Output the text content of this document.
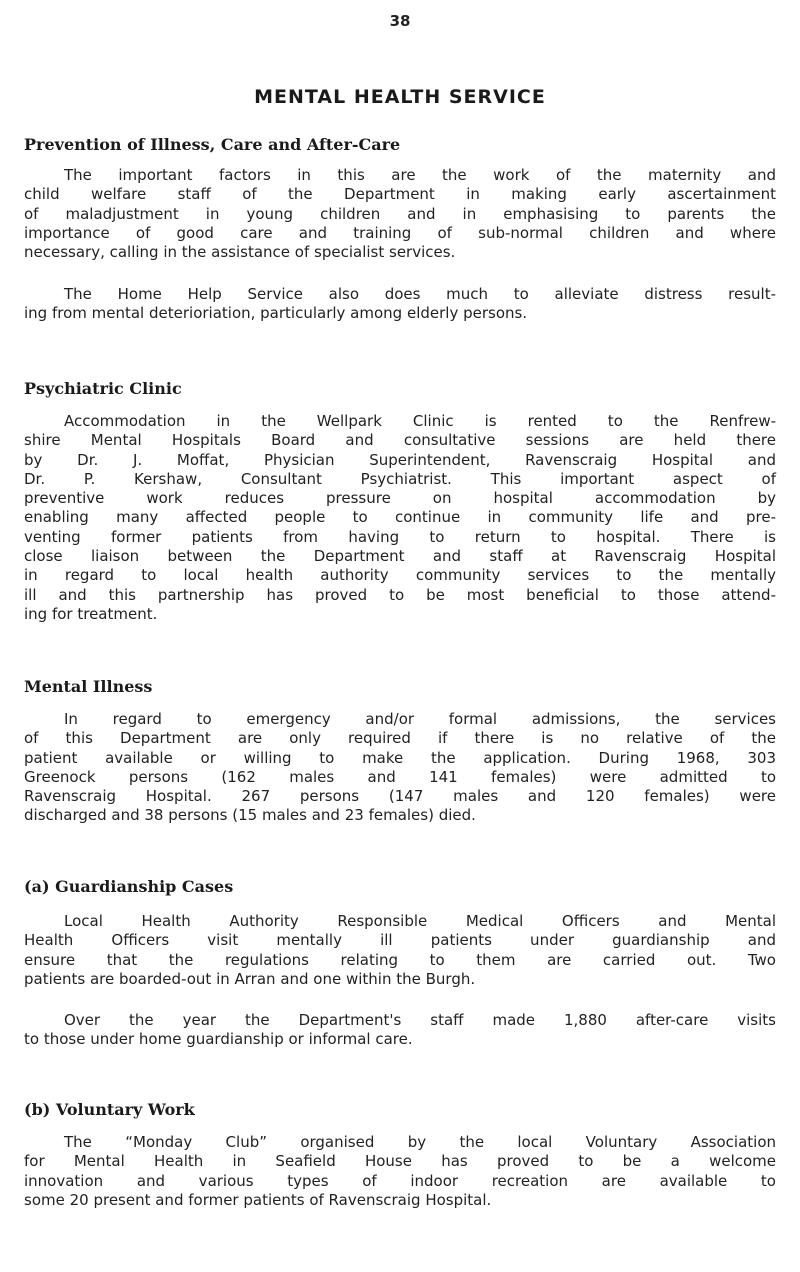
38
MENTAL HEALTH SERVICE
Prevention of Illness, Care and After-Care
The important factors in this are the work of the maternity and
child welfare staff of the Department in making early ascertainment
of maladjustment in young children and in emphasising to parents the
importance of good care and training of sub-normal children and where
necessary, calling in the assistance of specialist services.
The Home Help Service also does much to alleviate distress result-
ing from mental deterioriation, particularly among elderly persons.
Psychiatric Clinic
Accommodation in the Wellpark Clinic is rented to the Renfrew-
shire Mental Hospitals Board and consultative sessions are held there
by Dr. J. Moffat, Physician Superintendent, Ravenscraig Hospital and
Dr. P. Kershaw, Consultant Psychiatrist. This important aspect of
preventive work reduces pressure on hospital accommodation by
enabling many affected people to continue in community life and pre-
venting former patients from having to return to hospital. There is
close liaison between the Department and staff at Ravenscraig Hospital
in regard to local health authority community services to the mentally
ill and this partnership has proved to be most beneficial to those attend-
ing for treatment.
Mental Illness
In regard to emergency and/or formal admissions, the services
of this Department are only required if there is no relative of the
patient available or willing to make the application. During 1968, 303
Greenock persons (162 males and 141 females) were admitted to
Ravenscraig Hospital. 267 persons (147 males and 120 females) were
discharged and 38 persons (15 males and 23 females) died.
(a) Guardianship Cases
Local Health Authority Responsible Medical Officers and Mental
Health Officers visit mentally ill patients under guardianship and
ensure that the regulations relating to them are carried out. Two
patients are boarded-out in Arran and one within the Burgh.
Over the year the Department's staff made 1,880 after-care visits
to those under home guardianship or informal care.
(b) Voluntary Work
The “Monday Club” organised by the local Voluntary Association
for Mental Health in Seafield House has proved to be a welcome
innovation and various types of indoor recreation are available to
some 20 present and former patients of Ravenscraig Hospital.
